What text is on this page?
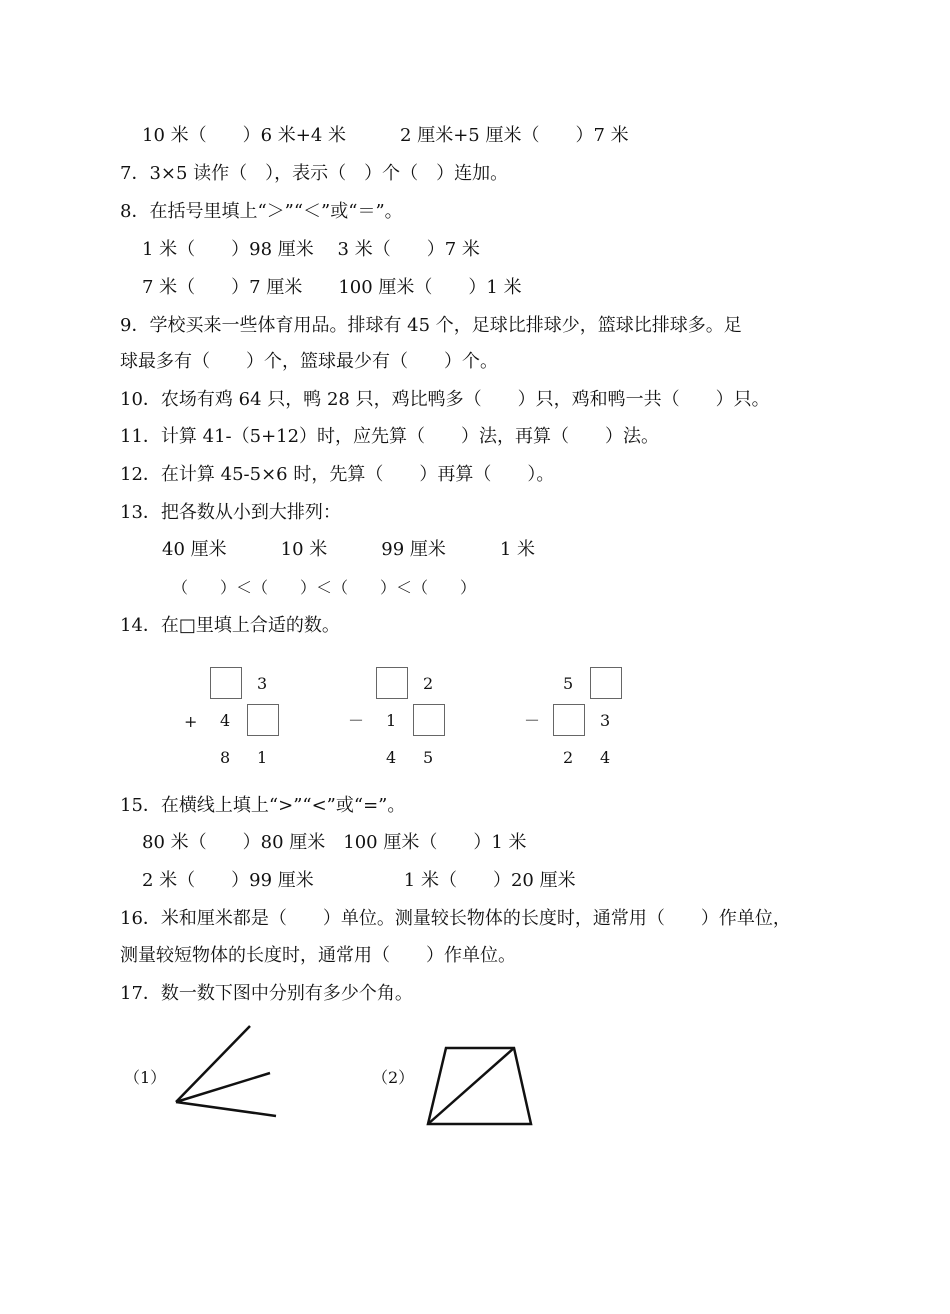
10 米（　　）6 米+4 米　　　2 厘米+5 厘米（　　）7 米
7．3×5 读作（　），表示（　）个（　）连加。
8．在括号里填上“＞”“＜”或“＝”。
1 米（　　）98 厘米　 3 米（　　）7 米
7 米（　　）7 厘米　　100 厘米（　　）1 米
9．学校买来一些体育用品。排球有 45 个，足球比排球少，篮球比排球多。足
球最多有（　　）个，篮球最少有（　　）个。
10．农场有鸡 64 只，鸭 28 只，鸡比鸭多（　　）只，鸡和鸭一共（　　）只。
11．计算 41-（5+12）时，应先算（　　）法，再算（　　）法。
12．在计算 45-5×6 时，先算（　　）再算（　　）。
13．把各数从小到大排列：
40 厘米　　　10 米　　　99 厘米　　　1 米
（　　）＜（　　）＜（　　）＜（　　）
14．在□里填上合适的数。
3
+ 4
8 1
2
－ 1
4 5
5
－	3
2 4
15．在横线上填上“>”“<”或“=”。
80 米（　　）80 厘米　100 厘米（　　）1 米
2 米（　　）99 厘米　　　　　1 米（　　）20 厘米
16．米和厘米都是（　　）单位。测量较长物体的长度时，通常用（　　）作单位，
测量较短物体的长度时，通常用（　　）作单位。
17．数一数下图中分别有多少个角。
（1）	（2）
